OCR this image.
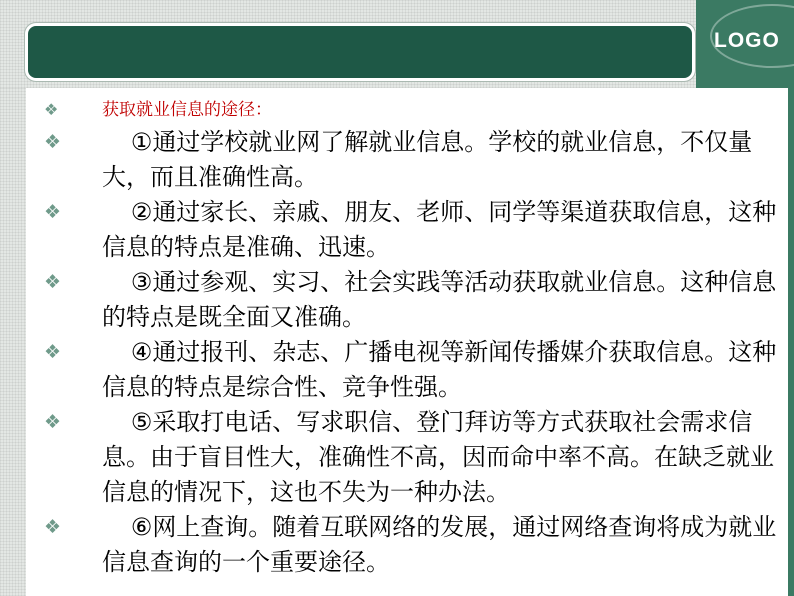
LOGO
❖	获取就业信息的途径：
❖	①通过学校就业网了解就业信息。学校的就业信息，不仅量大，而且准确性高。
❖	②通过家长、亲戚、朋友、老师、同学等渠道获取信息，这种信息的特点是准确、迅速。
❖	③通过参观、实习、社会实践等活动获取就业信息。这种信息的特点是既全面又准确。
❖	④通过报刊、杂志、广播电视等新闻传播媒介获取信息。这种信息的特点是综合性、竞争性强。
❖	⑤采取打电话、写求职信、登门拜访等方式获取社会需求信息。由于盲目性大，准确性不高，因而命中率不高。在缺乏就业信息的情况下，这也不失为一种办法。
❖	⑥网上查询。随着互联网络的发展，通过网络查询将成为就业信息查询的一个重要途径。
